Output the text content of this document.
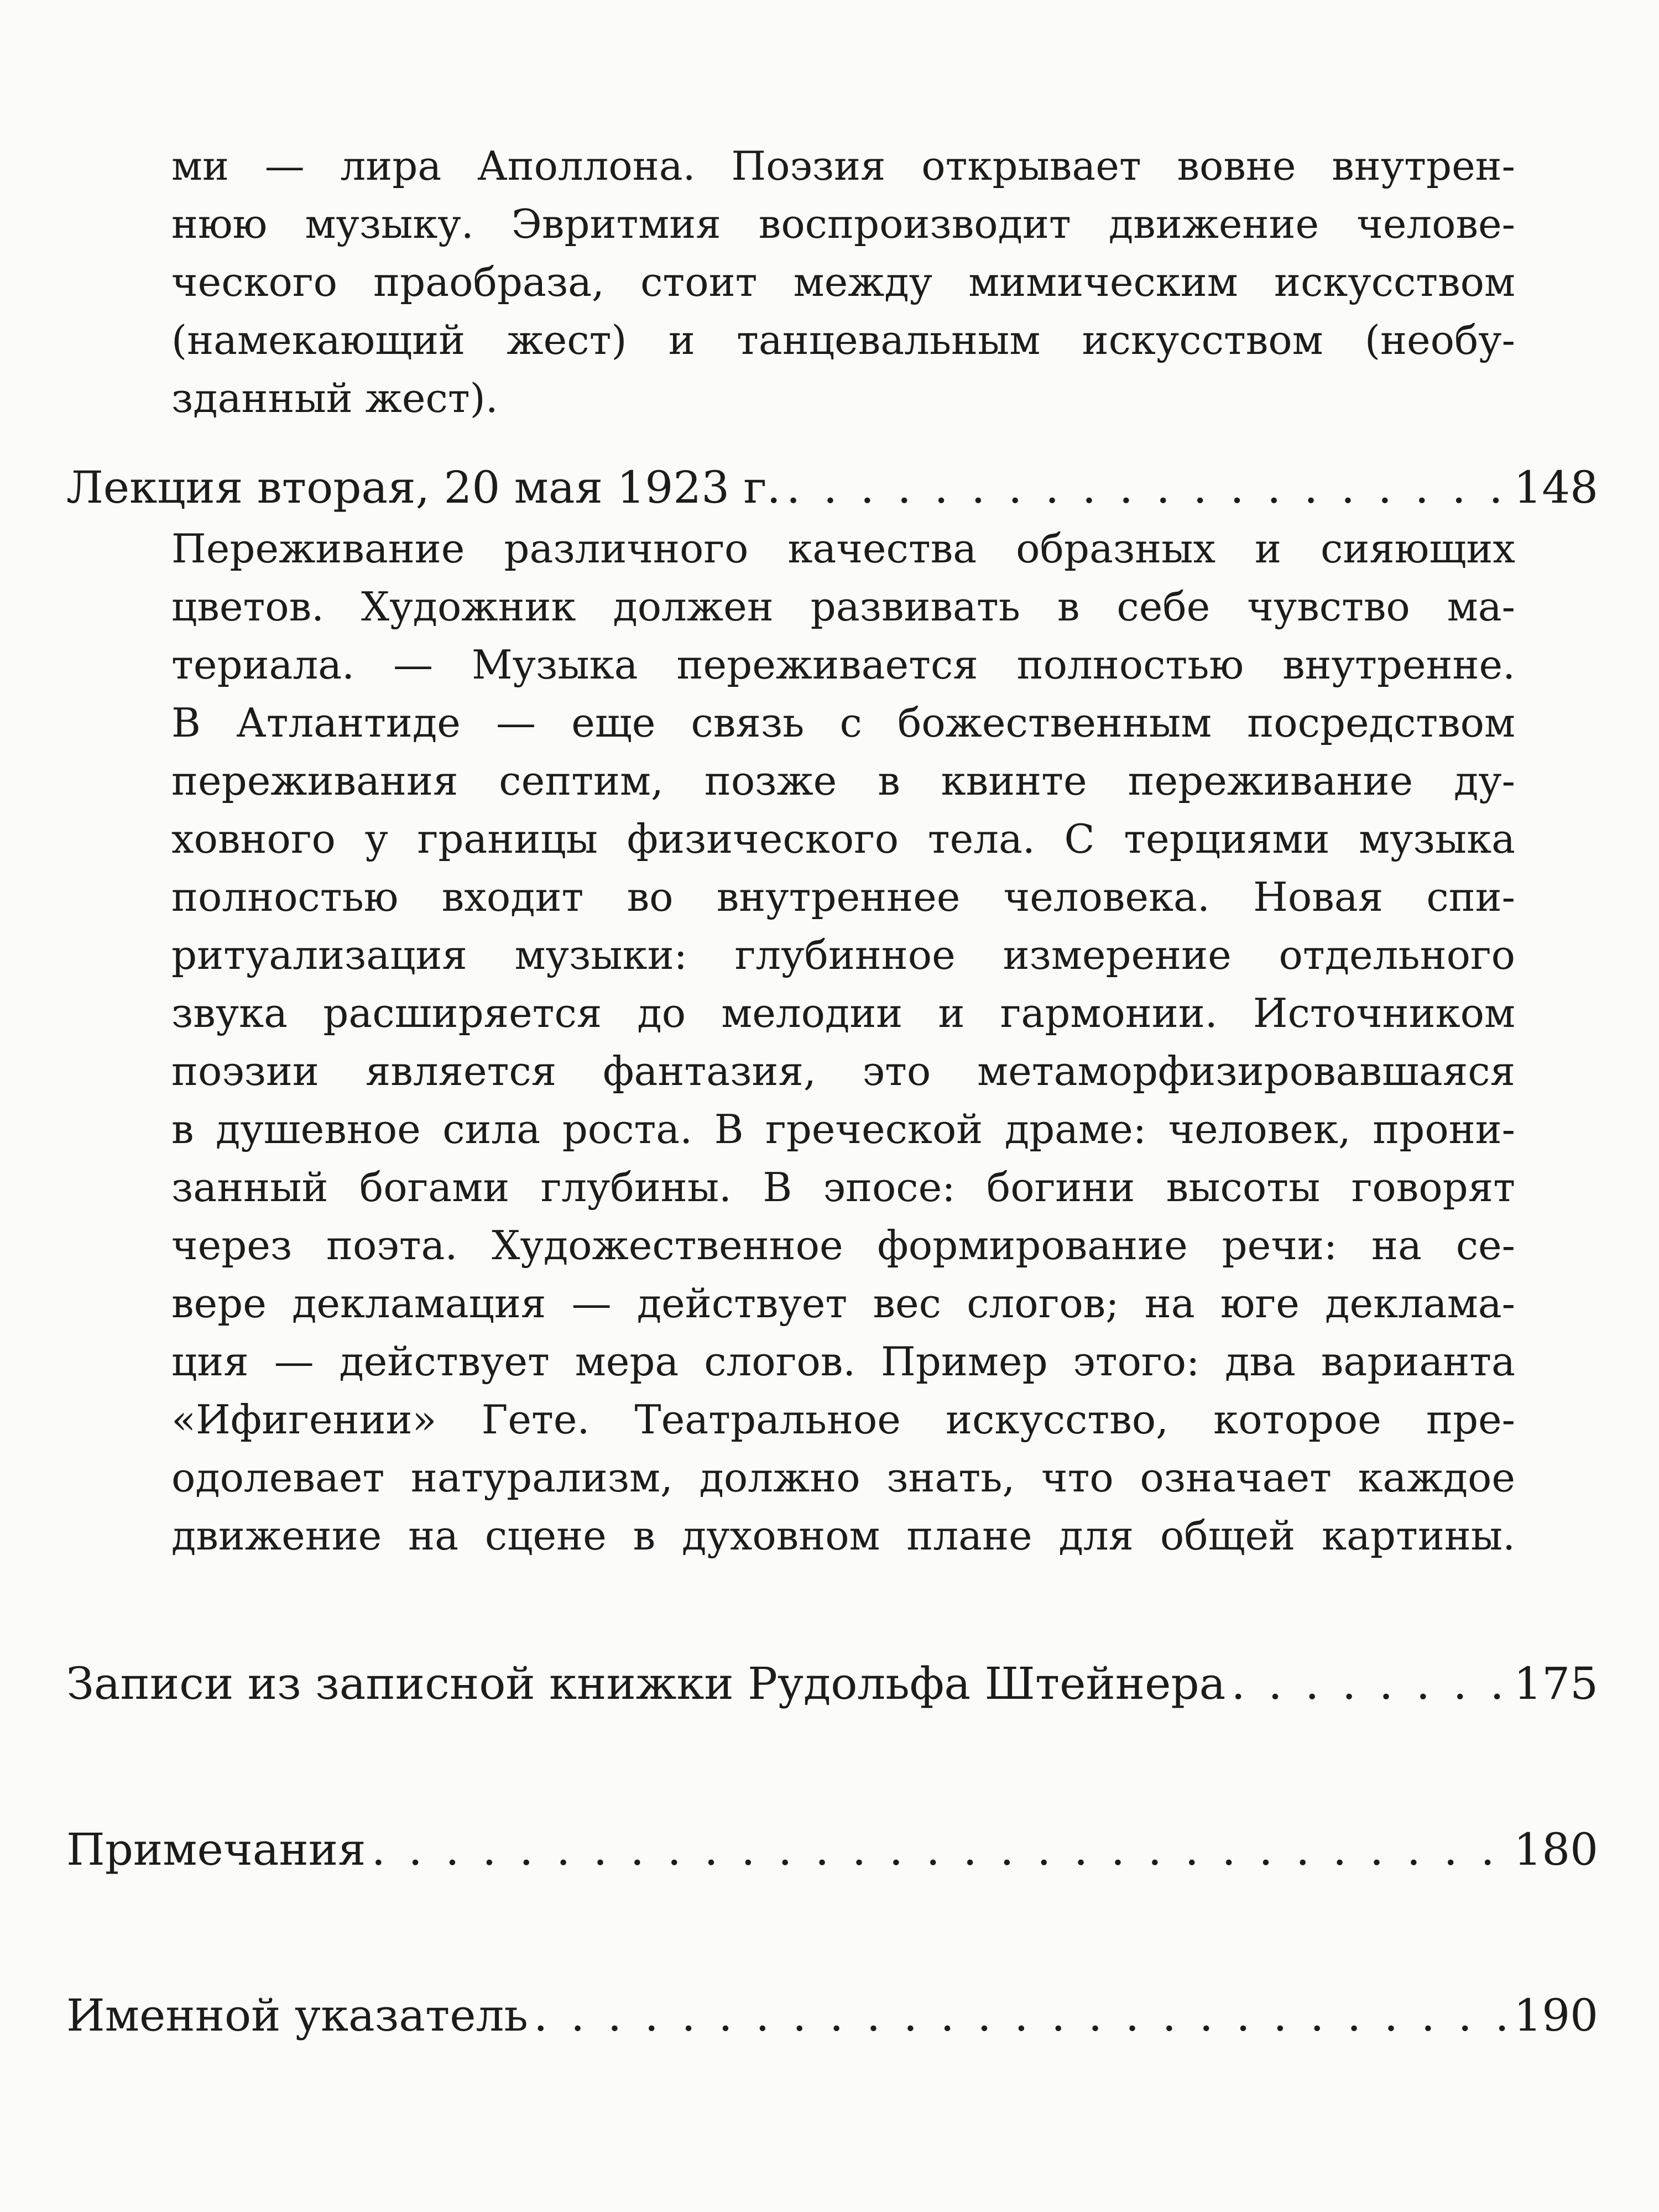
ми — лира Аполлона. Поэзия открывает вовне внутрен-
нюю музыку. Эвритмия воспроизводит движение челове-
ческого праобраза, стоит между мимическим искусством
(намекающий жест) и танцевальным искусством (необу-
зданный жест).
Лекция вторая, 20 мая 1923 г. . . .	148
Переживание различного качества образных и сияющих
цветов. Художник должен развивать в себе чувство ма-
териала. — Музыка переживается полностью внутренне.
В Атлантиде — еще связь с божественным посредством
переживания септим, позже в квинте переживание ду-
ховного у границы физического тела. С терциями музыка
полностью входит во внутреннее человека. Новая спи-
ритуализация музыки: глубинное измерение отдельного
звука расширяется до мелодии и гармонии. Источником
поэзии является фантазия, это метаморфизировавшаяся
в душевное сила роста. В греческой драме: человек, прони-
занный богами глубины. В эпосе: богини высоты говорят
через поэта. Художественное формирование речи: на се-
вере декламация — действует вес слогов; на юге деклама-
ция — действует мера слогов. Пример этого: два варианта
«Ифигении» Гете. Театральное искусство, которое пре-
одолевает натурализм, должно знать, что означает каждое
движение на сцене в духовном плане для общей картины.
Записи из записной книжки Рудольфа Штейнера . . .	175
Примечания . . .	180
Именной указатель . . .	190
